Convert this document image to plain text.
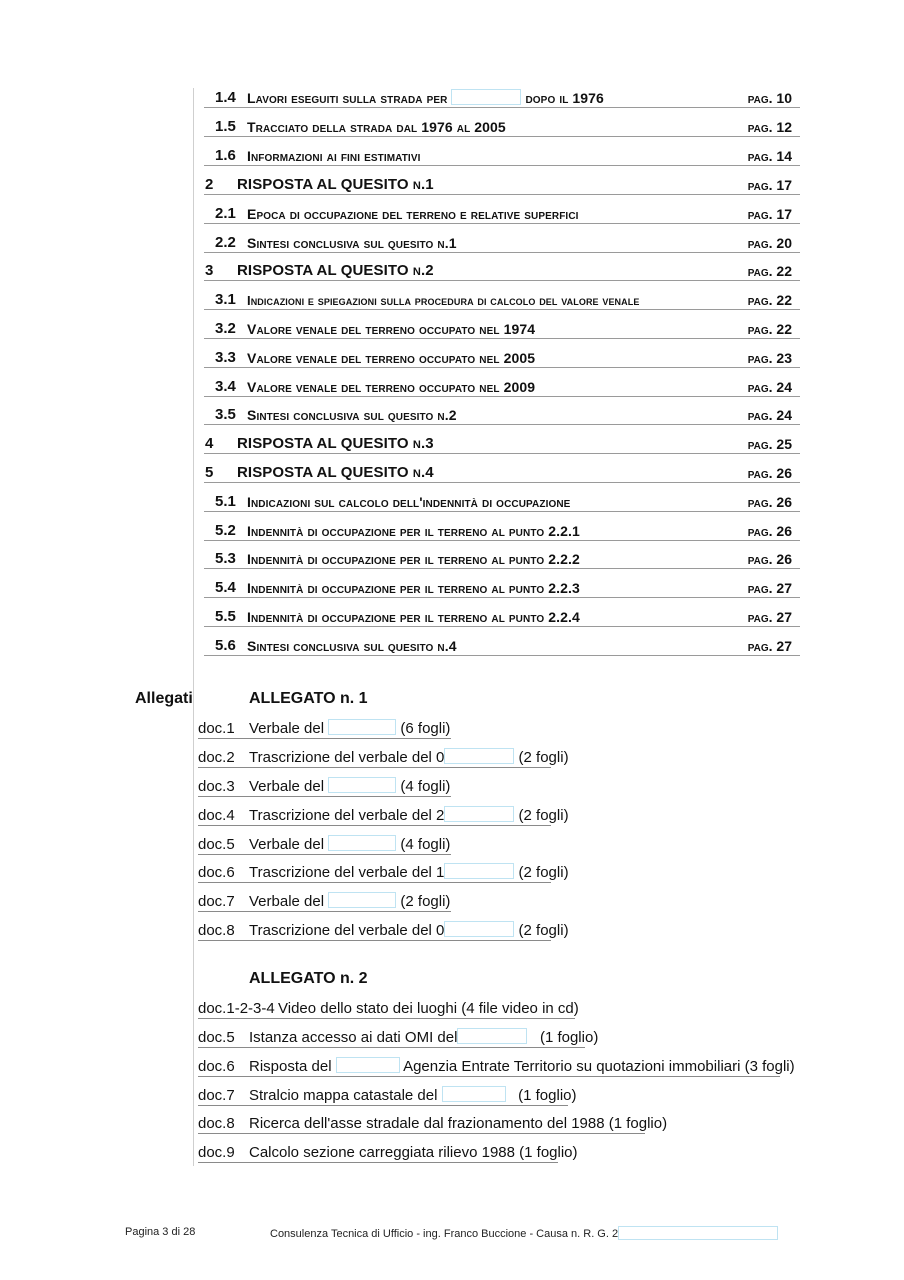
1.4 Lavori eseguiti sulla strada per	dopo il 1976	pag. 10
1.5 Tracciato della strada dal 1976 al 2005	pag. 12
1.6 Informazioni ai fini estimativi	pag. 14
2 RISPOSTA AL QUESITO n.1	pag. 17
2.1 Epoca di occupazione del terreno e relative superfici	pag. 17
2.2 Sintesi conclusiva sul quesito n.1	pag. 20
3 RISPOSTA AL QUESITO n.2	pag. 22
3.1 Indicazioni e spiegazioni sulla procedura di calcolo del valore venale	pag. 22
3.2 Valore venale del terreno occupato nel 1974	pag. 22
3.3 Valore venale del terreno occupato nel 2005	pag. 23
3.4 Valore venale del terreno occupato nel 2009	pag. 24
3.5 Sintesi conclusiva sul quesito n.2	pag. 24
4 RISPOSTA AL QUESITO n.3	pag. 25
5 RISPOSTA AL QUESITO n.4	pag. 26
5.1 Indicazioni sul calcolo dell'indennità di occupazione	pag. 26
5.2 Indennità di occupazione per il terreno al punto 2.2.1	pag. 26
5.3 Indennità di occupazione per il terreno al punto 2.2.2	pag. 26
5.4 Indennità di occupazione per il terreno al punto 2.2.3	pag. 27
5.5 Indennità di occupazione per il terreno al punto 2.2.4	pag. 27
5.6 Sintesi conclusiva sul quesito n.4	pag. 27
Allegati	ALLEGATO n. 1
doc.1 Verbale del	(6 fogli)
doc.2 Trascrizione del verbale del 0	(2 fogli)
doc.3 Verbale del	(4 fogli)
doc.4 Trascrizione del verbale del 2	(2 fogli)
doc.5 Verbale del	(4 fogli)
doc.6 Trascrizione del verbale del 1	(2 fogli)
doc.7 Verbale del	(2 fogli)
doc.8 Trascrizione del verbale del 0	(2 fogli)
ALLEGATO n. 2
doc.1-2-3-4 Video dello stato dei luoghi (4 file video in cd)
doc.5 Istanza accesso ai dati OMI del	(1 foglio)
doc.6 Risposta del	Agenzia Entrate Territorio su quotazioni immobiliari (3 fogli)
doc.7 Stralcio mappa catastale del	(1 foglio)
doc.8 Ricerca dell'asse stradale dal frazionamento del 1988 (1 foglio)
doc.9 Calcolo sezione carreggiata rilievo 1988 (1 foglio)
Pagina 3 di 28	Consulenza Tecnica di Ufficio - ing. Franco Buccione - Causa n. R. G. 2
